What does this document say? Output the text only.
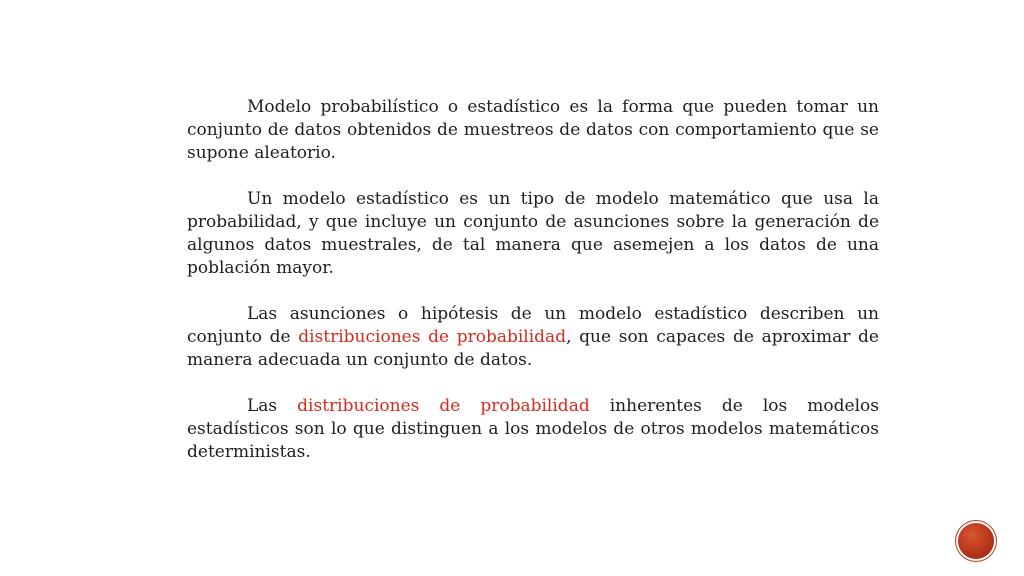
Modelo probabilístico o estadístico es la forma que pueden tomar un conjunto de datos obtenidos de muestreos de datos con comportamiento que se supone aleatorio.

Un modelo estadístico es un tipo de modelo matemático que usa la probabilidad, y que incluye un conjunto de asunciones sobre la generación de algunos datos muestrales, de tal manera que asemejen a los datos de una población mayor.

Las asunciones o hipótesis de un modelo estadístico describen un conjunto de distribuciones de probabilidad, que son capaces de aproximar de manera adecuada un conjunto de datos.

Las distribuciones de probabilidad inherentes de los modelos estadísticos son lo que distinguen a los modelos de otros modelos matemáticos deterministas.
